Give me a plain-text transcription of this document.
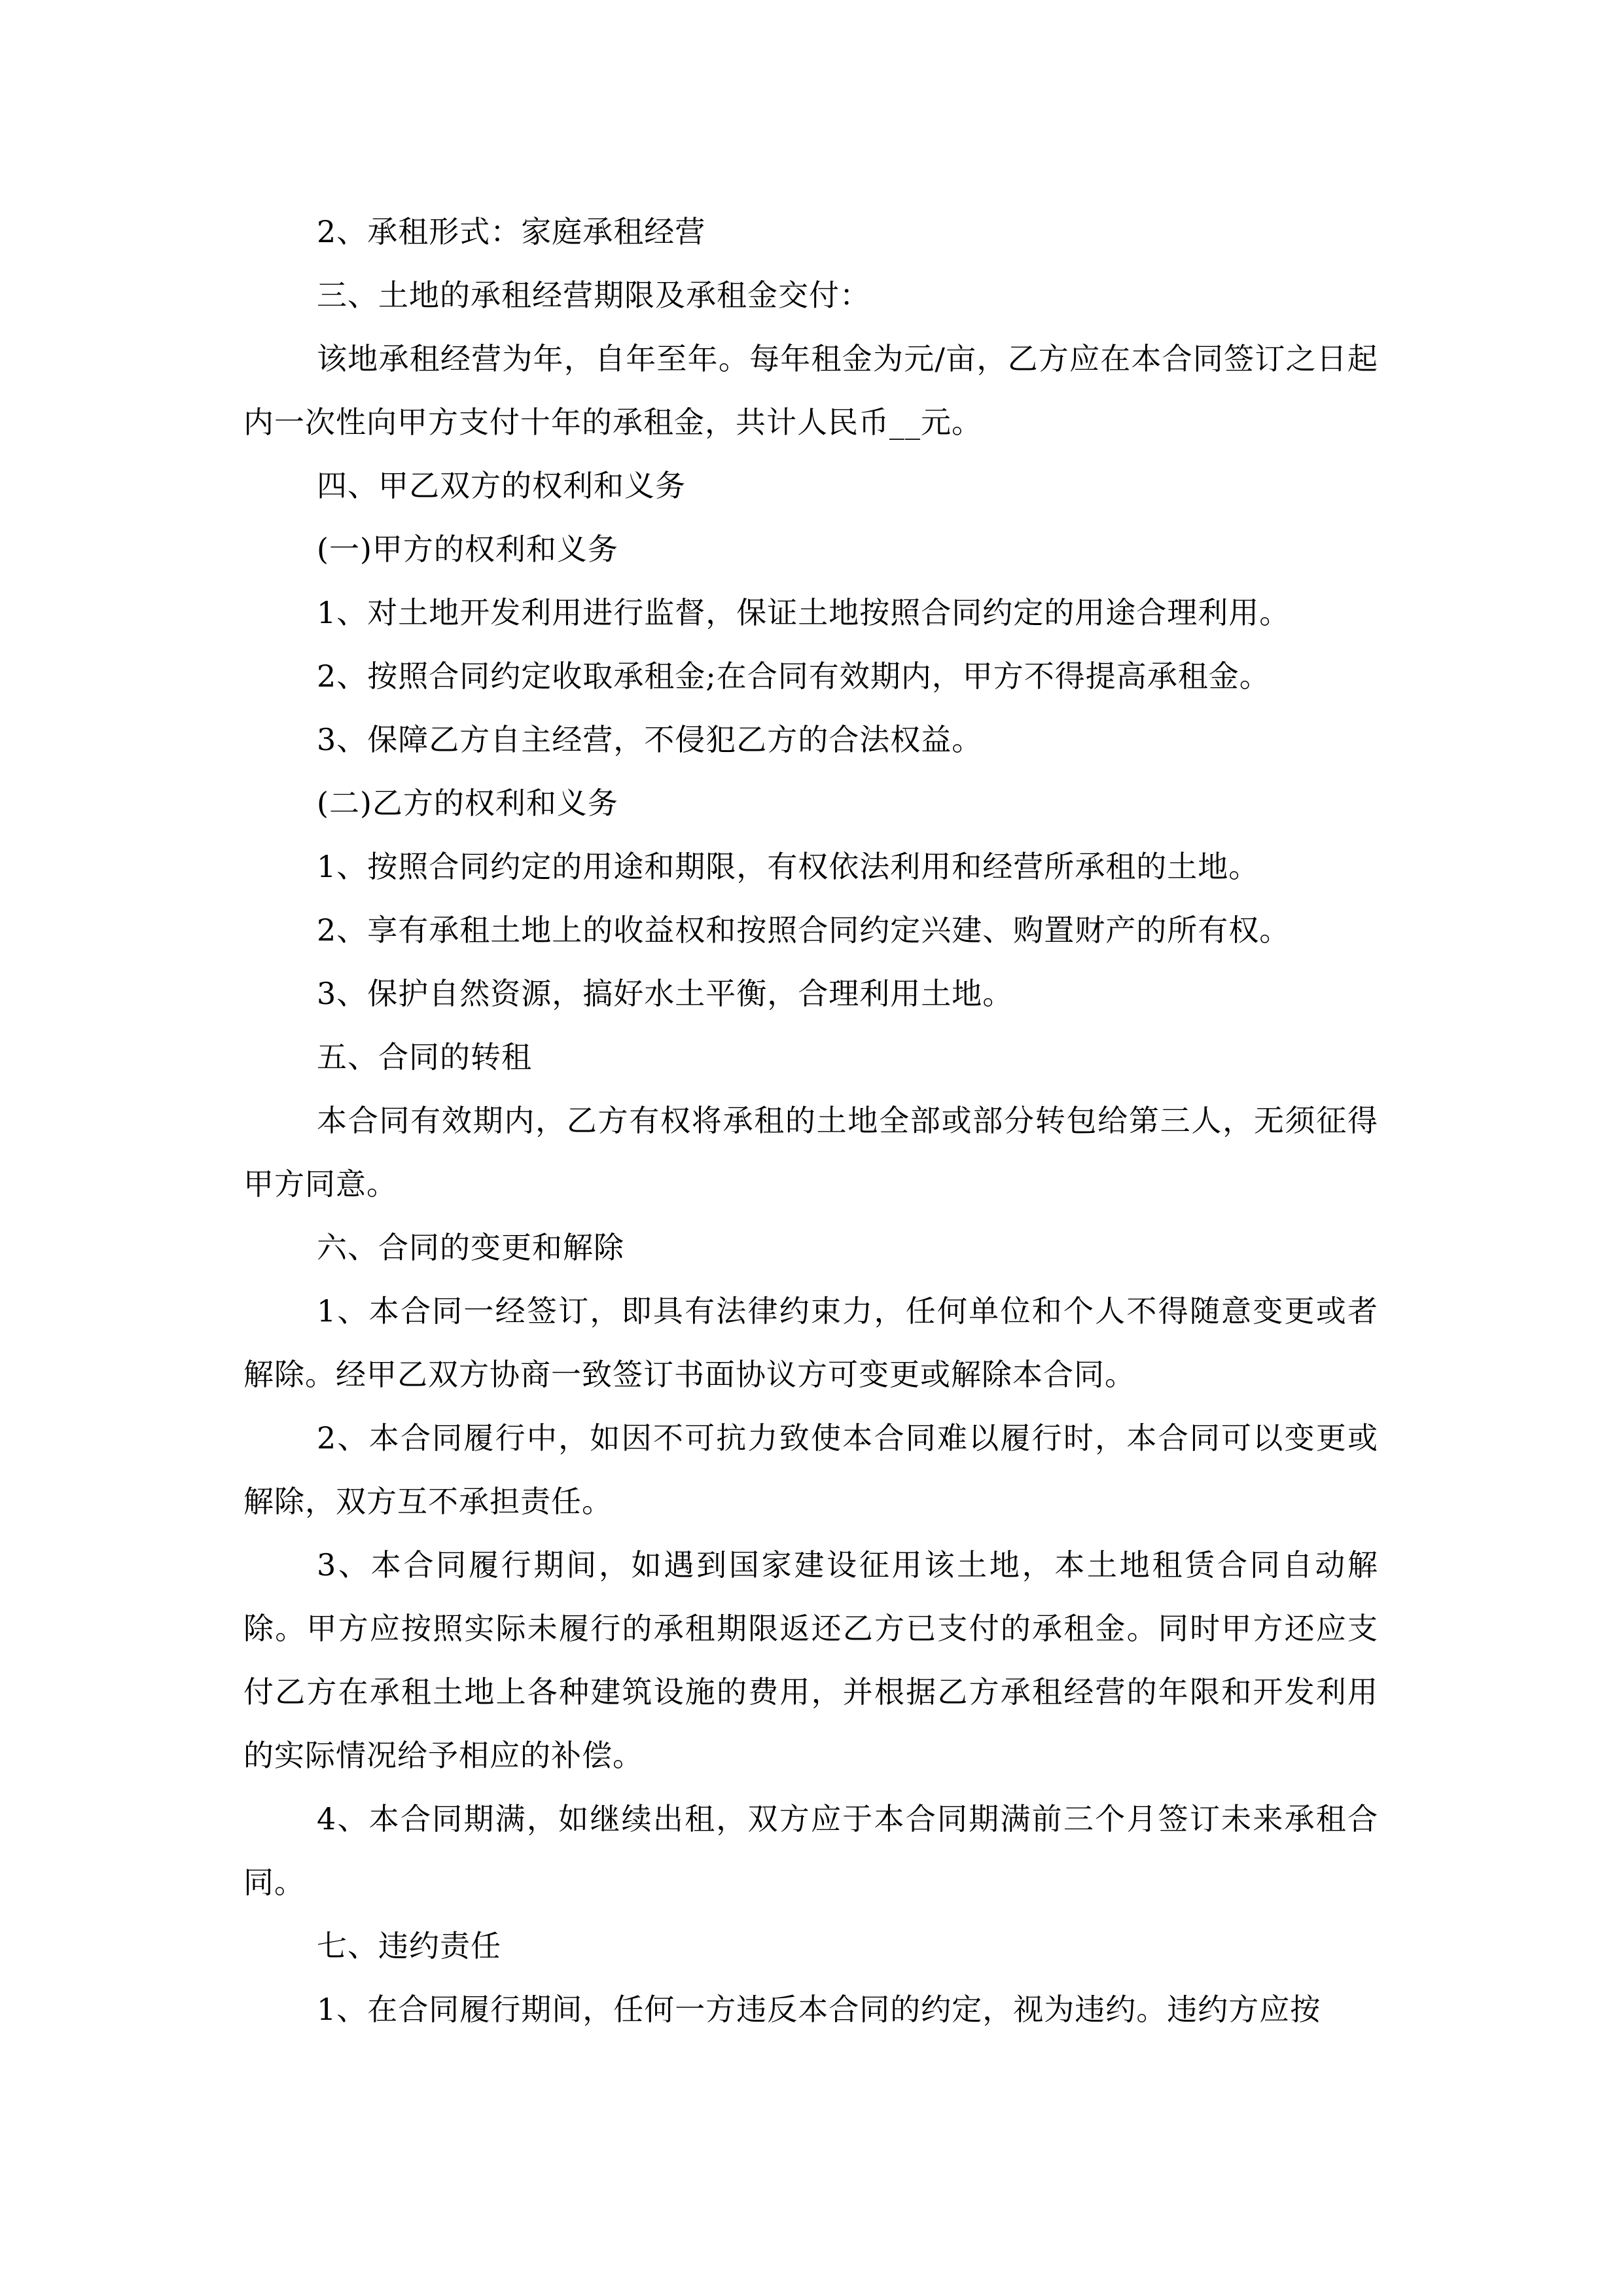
2、承租形式：家庭承租经营

三、土地的承租经营期限及承租金交付：

该地承租经营为年，自年至年。每年租金为元/亩，乙方应在本合同签订之日起内一次性向甲方支付十年的承租金，共计人民币__元。

四、甲乙双方的权利和义务

(一)甲方的权利和义务

1、对土地开发利用进行监督，保证土地按照合同约定的用途合理利用。

2、按照合同约定收取承租金;在合同有效期内，甲方不得提高承租金。

3、保障乙方自主经营，不侵犯乙方的合法权益。

(二)乙方的权利和义务

1、按照合同约定的用途和期限，有权依法利用和经营所承租的土地。

2、享有承租土地上的收益权和按照合同约定兴建、购置财产的所有权。

3、保护自然资源，搞好水土平衡，合理利用土地。

五、合同的转租

本合同有效期内，乙方有权将承租的土地全部或部分转包给第三人，无须征得甲方同意。

六、合同的变更和解除

1、本合同一经签订，即具有法律约束力，任何单位和个人不得随意变更或者解除。经甲乙双方协商一致签订书面协议方可变更或解除本合同。

2、本合同履行中，如因不可抗力致使本合同难以履行时，本合同可以变更或解除，双方互不承担责任。

3、本合同履行期间，如遇到国家建设征用该土地，本土地租赁合同自动解除。甲方应按照实际未履行的承租期限返还乙方已支付的承租金。同时甲方还应支付乙方在承租土地上各种建筑设施的费用，并根据乙方承租经营的年限和开发利用的实际情况给予相应的补偿。

4、本合同期满，如继续出租，双方应于本合同期满前三个月签订未来承租合同。

七、违约责任

1、在合同履行期间，任何一方违反本合同的约定，视为违约。违约方应按
